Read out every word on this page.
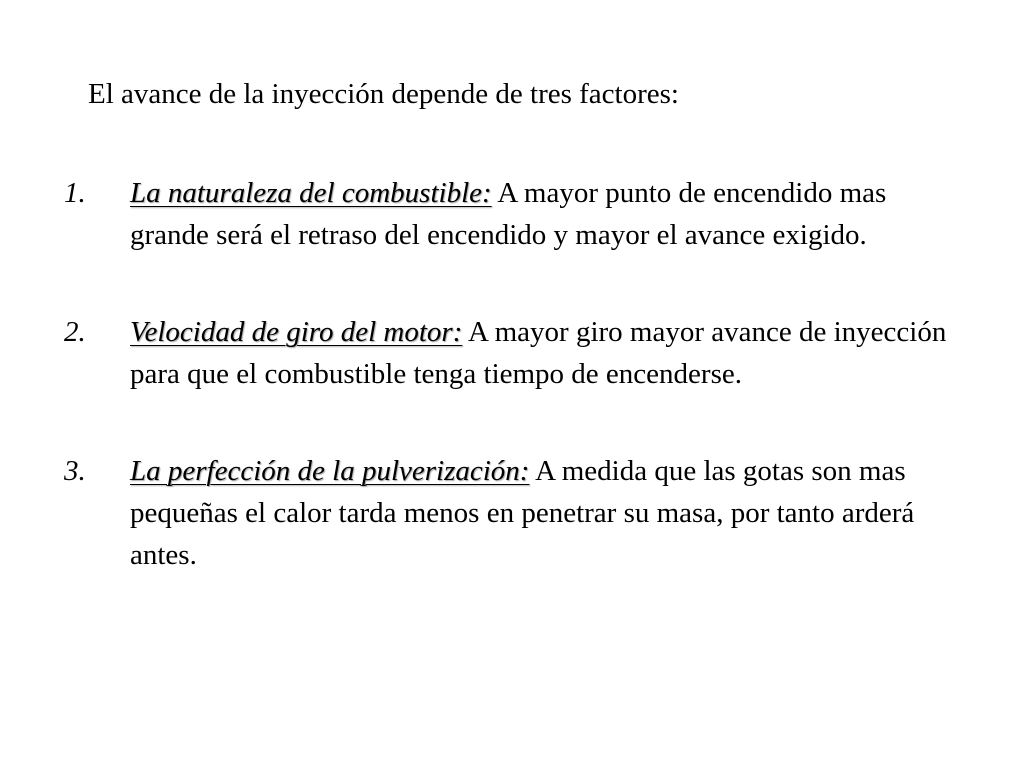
El avance de la inyección depende de tres factores:
1. La naturaleza del combustible: A mayor punto de encendido mas grande será el retraso del encendido y mayor el avance exigido.
2. Velocidad de giro del motor: A mayor giro mayor avance de inyección para que el combustible tenga tiempo de encenderse.
3. La perfección de la pulverización: A medida que las gotas son mas pequeñas el calor tarda menos en penetrar su masa, por tanto arderá antes.
